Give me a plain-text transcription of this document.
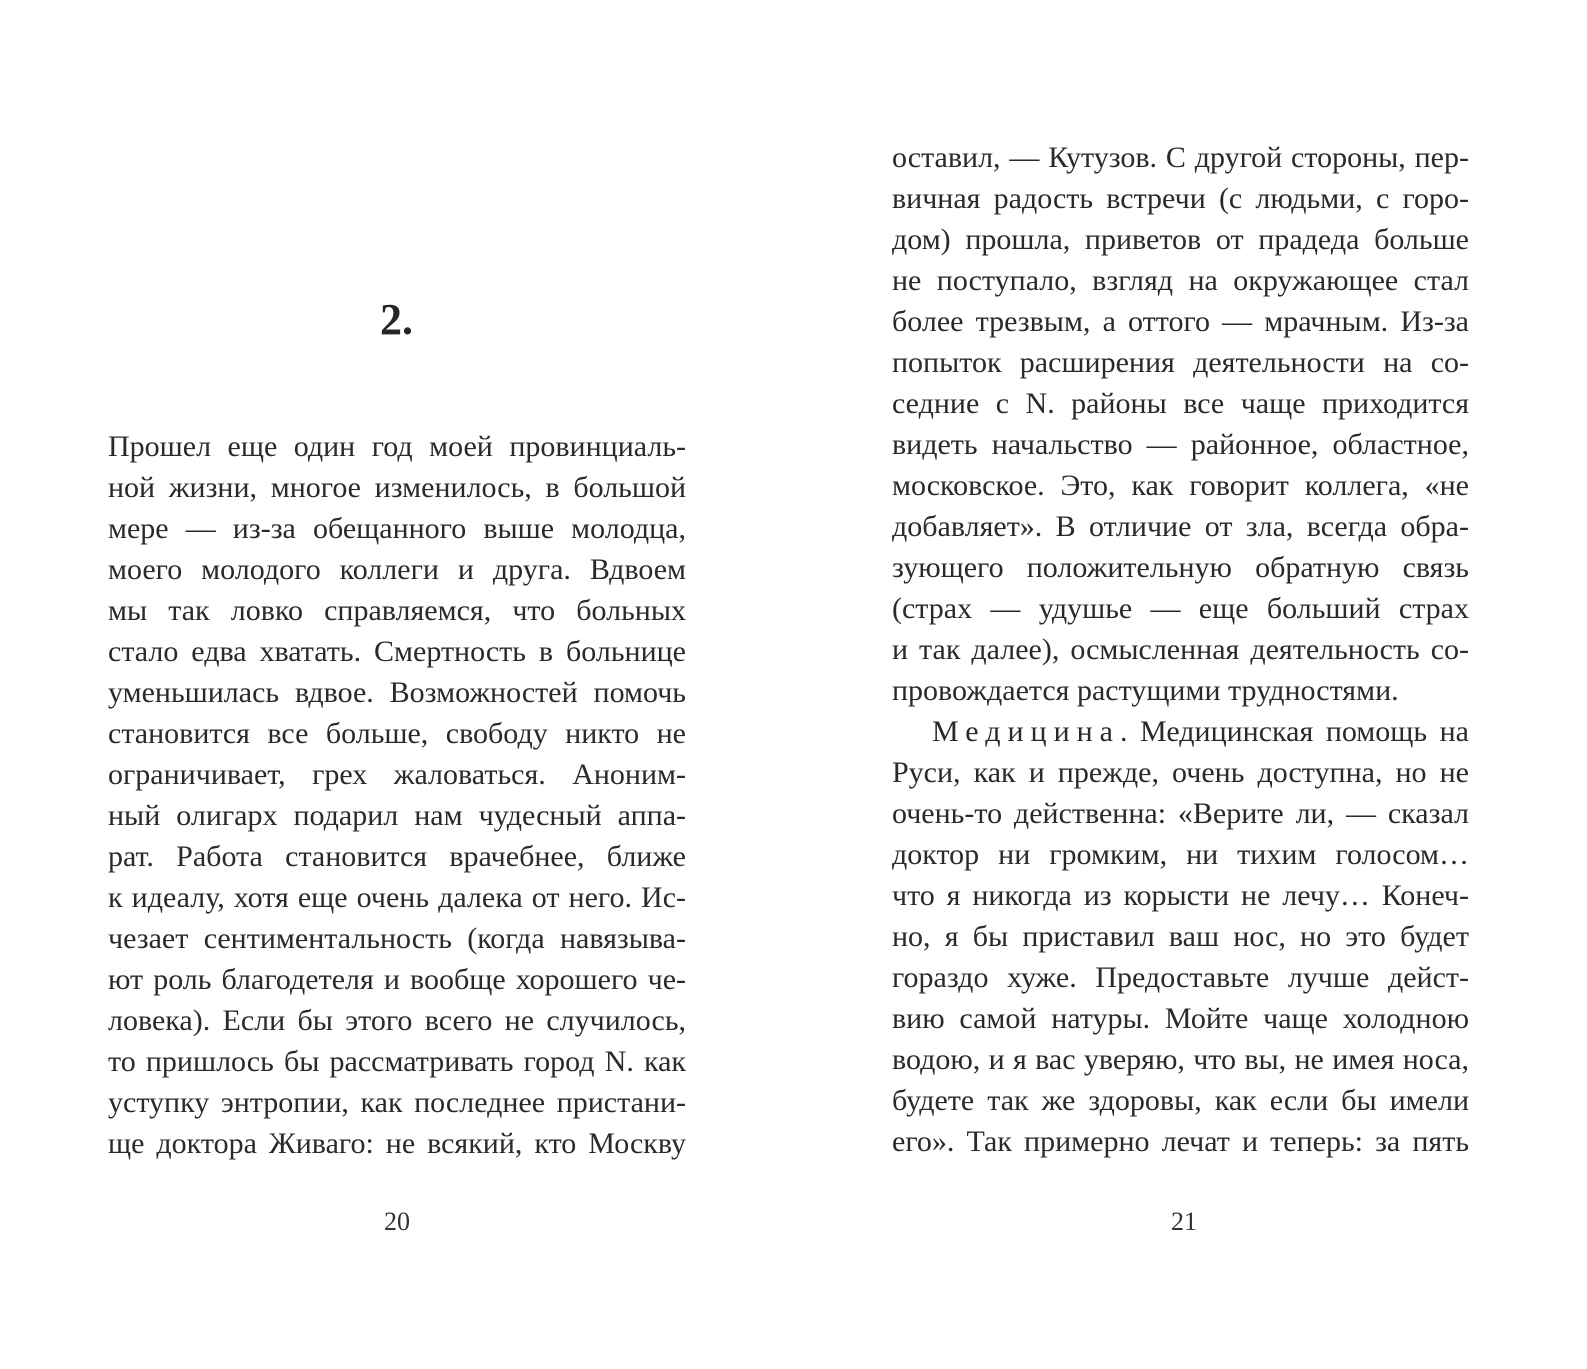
2.
Прошел еще один год моей провинциаль-
ной жизни, многое изменилось, в большой
мере — из-за обещанного выше молодца,
моего молодого коллеги и друга. Вдвоем
мы так ловко справляемся, что больных
стало едва хватать. Смертность в больнице
уменьшилась вдвое. Возможностей помочь
становится все больше, свободу никто не
ограничивает, грех жаловаться. Аноним-
ный олигарх подарил нам чудесный аппа-
рат. Работа становится врачебнее, ближе
к идеалу, хотя еще очень далека от него. Ис-
чезает сентиментальность (когда навязыва-
ют роль благодетеля и вообще хорошего че-
ловека). Если бы этого всего не случилось,
то пришлось бы рассматривать город N. как
уступку энтропии, как последнее пристани-
ще доктора Живаго: не всякий, кто Москву
20
оставил, — Кутузов. С другой стороны, пер-
вичная радость встречи (с людьми, с горо-
дом) прошла, приветов от прадеда больше
не поступало, взгляд на окружающее стал
более трезвым, а оттого — мрачным. Из-за
попыток расширения деятельности на со-
седние с N. районы все чаще приходится
видеть начальство — районное, областное,
московское. Это, как говорит коллега, «не
добавляет». В отличие от зла, всегда обра-
зующего положительную обратную связь
(страх — удушье — еще больший страх
и так далее), осмысленная деятельность со-
провождается растущими трудностями.
Медицина. Медицинская помощь на
Руси, как и прежде, очень доступна, но не
очень-то действенна: «Верите ли, — сказал
доктор ни громким, ни тихим голосом…
что я никогда из корысти не лечу… Конеч-
но, я бы приставил ваш нос, но это будет
гораздо хуже. Предоставьте лучше дейст-
вию самой натуры. Мойте чаще холодною
водою, и я вас уверяю, что вы, не имея носа,
будете так же здоровы, как если бы имели
его». Так примерно лечат и теперь: за пять
21
